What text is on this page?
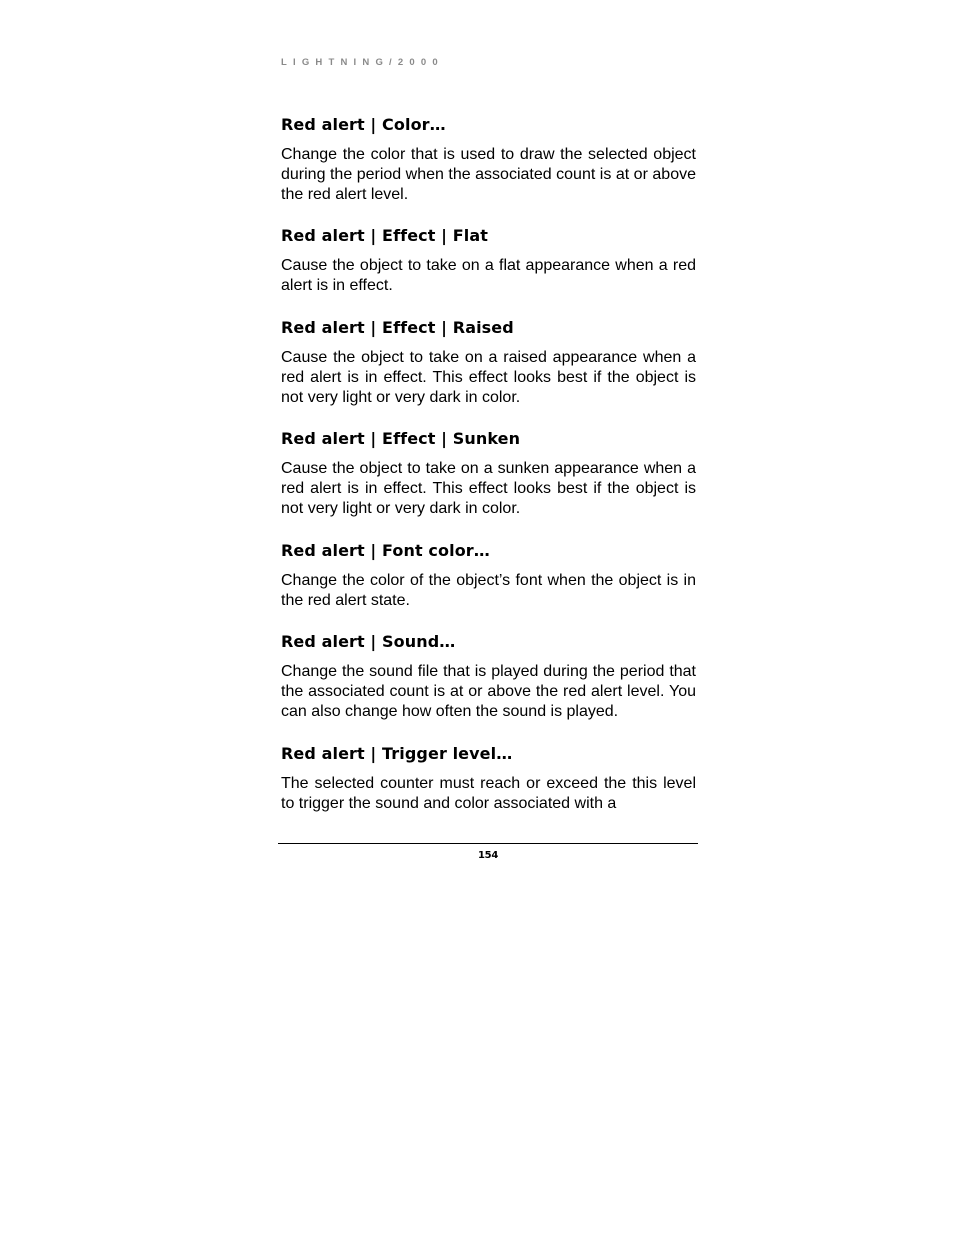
LIGHTNING/2000
Red alert | Color…
Change the color that is used to draw the selected object during the period when the associated count is at or above the red alert level.
Red alert | Effect | Flat
Cause the object to take on a flat appearance when a red alert is in effect.
Red alert | Effect | Raised
Cause the object to take on a raised appearance when a red alert is in effect. This effect looks best if the object is not very light or very dark in color.
Red alert | Effect | Sunken
Cause the object to take on a sunken appearance when a red alert is in effect. This effect looks best if the object is not very light or very dark in color.
Red alert | Font color…
Change the color of the object’s font when the object is in the red alert state.
Red alert | Sound…
Change the sound file that is played during the period that the associated count is at or above the red alert level. You can also change how often the sound is played.
Red alert | Trigger level…
The selected counter must reach or exceed the this level to trigger the sound and color associated with a
154
